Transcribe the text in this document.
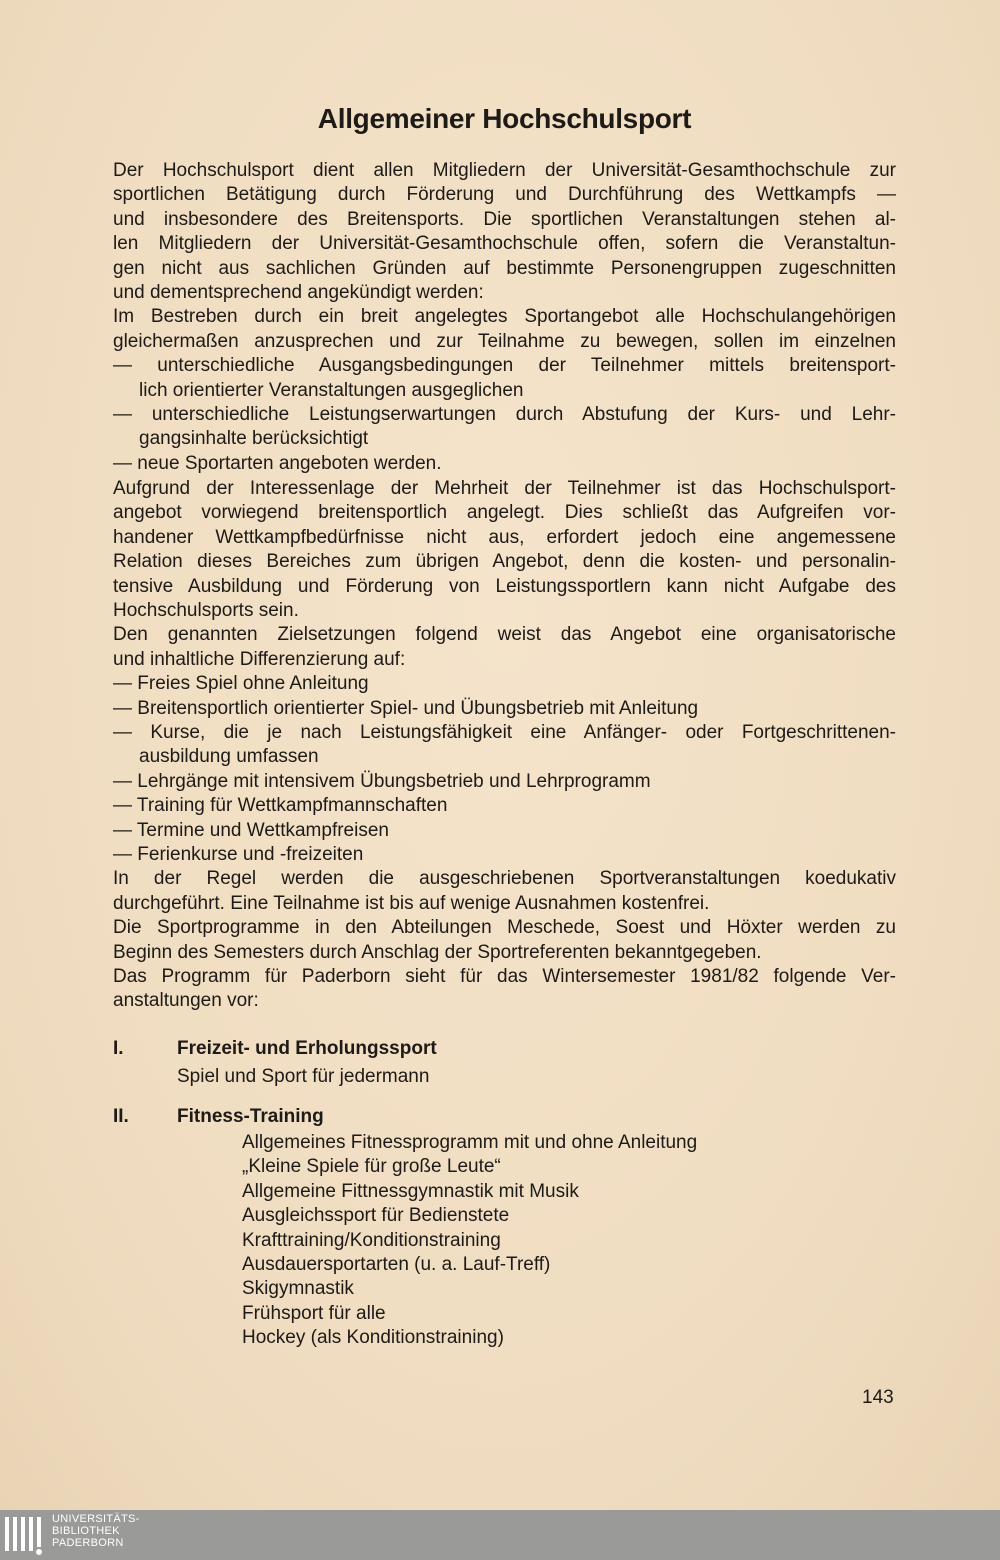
Allgemeiner Hochschulsport
Der Hochschulsport dient allen Mitgliedern der Universität-Gesamthochschule zur
sportlichen Betätigung durch Förderung und Durchführung des Wettkampfs —
und insbesondere des Breitensports. Die sportlichen Veranstaltungen stehen al-
len Mitgliedern der Universität-Gesamthochschule offen, sofern die Veranstaltun-
gen nicht aus sachlichen Gründen auf bestimmte Personengruppen zugeschnitten
und dementsprechend angekündigt werden:
Im Bestreben durch ein breit angelegtes Sportangebot alle Hochschulangehörigen
gleichermaßen anzusprechen und zur Teilnahme zu bewegen, sollen im einzelnen
— unterschiedliche Ausgangsbedingungen der Teilnehmer mittels breitensport-
lich orientierter Veranstaltungen ausgeglichen
— unterschiedliche Leistungserwartungen durch Abstufung der Kurs- und Lehr-
gangsinhalte berücksichtigt
— neue Sportarten angeboten werden.
Aufgrund der Interessenlage der Mehrheit der Teilnehmer ist das Hochschulsport-
angebot vorwiegend breitensportlich angelegt. Dies schließt das Aufgreifen vor-
handener Wettkampfbedürfnisse nicht aus, erfordert jedoch eine angemessene
Relation dieses Bereiches zum übrigen Angebot, denn die kosten- und personalin-
tensive Ausbildung und Förderung von Leistungssportlern kann nicht Aufgabe des
Hochschulsports sein.
Den genannten Zielsetzungen folgend weist das Angebot eine organisatorische
und inhaltliche Differenzierung auf:
— Freies Spiel ohne Anleitung
— Breitensportlich orientierter Spiel- und Übungsbetrieb mit Anleitung
— Kurse, die je nach Leistungsfähigkeit eine Anfänger- oder Fortgeschrittenen-
ausbildung umfassen
— Lehrgänge mit intensivem Übungsbetrieb und Lehrprogramm
— Training für Wettkampfmannschaften
— Termine und Wettkampfreisen
— Ferienkurse und -freizeiten
In der Regel werden die ausgeschriebenen Sportveranstaltungen koedukativ
durchgeführt. Eine Teilnahme ist bis auf wenige Ausnahmen kostenfrei.
Die Sportprogramme in den Abteilungen Meschede, Soest und Höxter werden zu
Beginn des Semesters durch Anschlag der Sportreferenten bekanntgegeben.
Das Programm für Paderborn sieht für das Wintersemester 1981/82 folgende Ver-
anstaltungen vor:
I.	Freizeit- und Erholungssport
Spiel und Sport für jedermann
II.	Fitness-Training
Allgemeines Fitnessprogramm mit und ohne Anleitung
„Kleine Spiele für große Leute“
Allgemeine Fittnessgymnastik mit Musik
Ausgleichssport für Bedienstete
Krafttraining/Konditionstraining
Ausdauersportarten (u. a. Lauf-Treff)
Skigymnastik
Frühsport für alle
Hockey (als Konditionstraining)
143
UNIVERSITÄTS-
BIBLIOTHEK
PADERBORN
